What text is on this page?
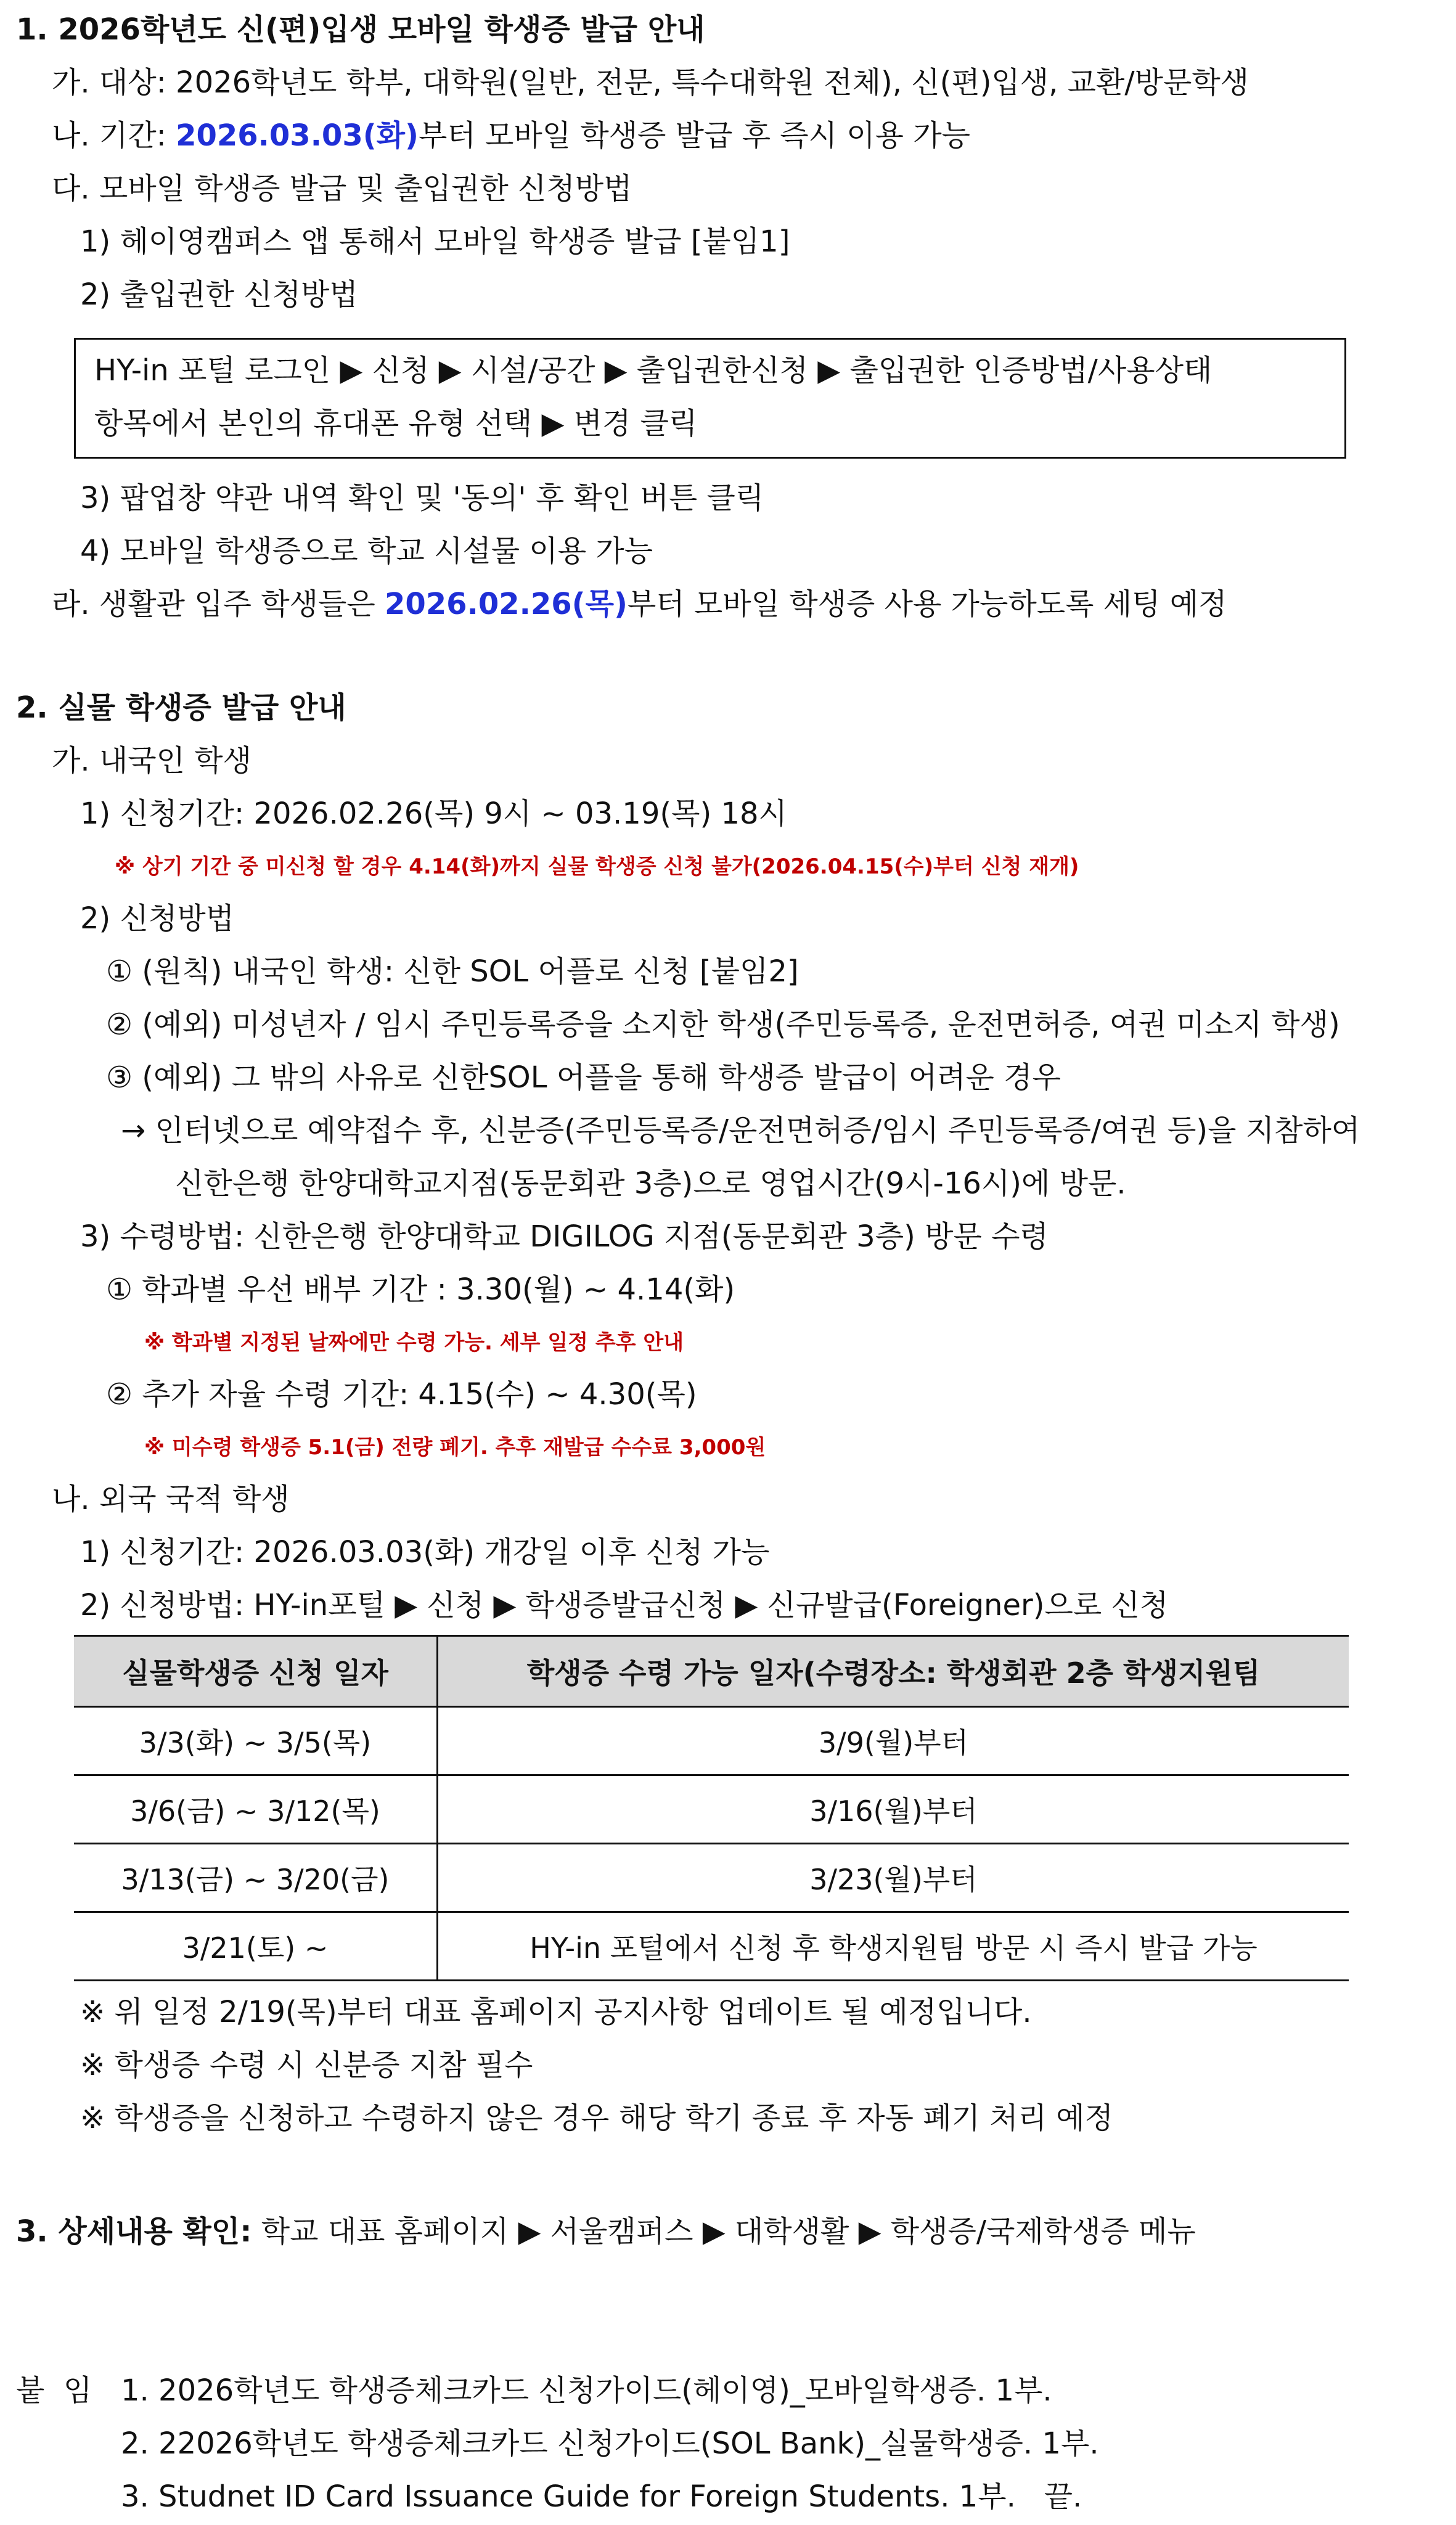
1. 2026학년도 신(편)입생 모바일 학생증 발급 안내
가. 대상: 2026학년도 학부, 대학원(일반, 전문, 특수대학원 전체), 신(편)입생, 교환/방문학생
나. 기간: 2026.03.03(화)부터 모바일 학생증 발급 후 즉시 이용 가능
다. 모바일 학생증 발급 및 출입권한 신청방법
1) 헤이영캠퍼스 앱 통해서 모바일 학생증 발급 [붙임1]
2) 출입권한 신청방법
HY-in 포털 로그인 ▶ 신청 ▶ 시설/공간 ▶ 출입권한신청 ▶ 출입권한 인증방법/사용상태
항목에서 본인의 휴대폰 유형 선택 ▶ 변경 클릭
3) 팝업창 약관 내역 확인 및 '동의' 후 확인 버튼 클릭
4) 모바일 학생증으로 학교 시설물 이용 가능
라. 생활관 입주 학생들은 2026.02.26(목)부터 모바일 학생증 사용 가능하도록 세팅 예정
2. 실물 학생증 발급 안내
가. 내국인 학생
1) 신청기간: 2026.02.26(목) 9시 ~ 03.19(목) 18시
※ 상기 기간 중 미신청 할 경우 4.14(화)까지 실물 학생증 신청 불가(2026.04.15(수)부터 신청 재개)
2) 신청방법
① (원칙) 내국인 학생: 신한 SOL 어플로 신청 [붙임2]
② (예외) 미성년자 / 임시 주민등록증을 소지한 학생(주민등록증, 운전면허증, 여권 미소지 학생)
③ (예외) 그 밖의 사유로 신한SOL 어플을 통해 학생증 발급이 어려운 경우
→ 인터넷으로 예약접수 후, 신분증(주민등록증/운전면허증/임시 주민등록증/여권 등)을 지참하여
신한은행 한양대학교지점(동문회관 3층)으로 영업시간(9시-16시)에 방문.
3) 수령방법: 신한은행 한양대학교 DIGILOG 지점(동문회관 3층) 방문 수령
① 학과별 우선 배부 기간 : 3.30(월) ~ 4.14(화)
※ 학과별 지정된 날짜에만 수령 가능. 세부 일정 추후 안내
② 추가 자율 수령 기간: 4.15(수) ~ 4.30(목)
※ 미수령 학생증 5.1(금) 전량 폐기. 추후 재발급 수수료 3,000원
나. 외국 국적 학생
1) 신청기간: 2026.03.03(화) 개강일 이후 신청 가능
2) 신청방법: HY-in포털 ▶ 신청 ▶ 학생증발급신청 ▶ 신규발급(Foreigner)으로 신청
실물학생증 신청 일자	학생증 수령 가능 일자(수령장소: 학생회관 2층 학생지원팀
3/3(화) ~ 3/5(목)	3/9(월)부터
3/6(금) ~ 3/12(목)	3/16(월)부터
3/13(금) ~ 3/20(금)	3/23(월)부터
3/21(토) ~	HY-in 포털에서 신청 후 학생지원팀 방문 시 즉시 발급 가능
※ 위 일정 2/19(목)부터 대표 홈페이지 공지사항 업데이트 될 예정입니다.
※ 학생증 수령 시 신분증 지참 필수
※ 학생증을 신청하고 수령하지 않은 경우 해당 학기 종료 후 자동 폐기 처리 예정
3. 상세내용 확인: 학교 대표 홈페이지 ▶ 서울캠퍼스 ▶ 대학생활 ▶ 학생증/국제학생증 메뉴
붙  임 1. 2026학년도 학생증체크카드 신청가이드(헤이영)_모바일학생증. 1부.
2. 22026학년도 학생증체크카드 신청가이드(SOL Bank)_실물학생증. 1부.
3. Studnet ID Card Issuance Guide for Foreign Students. 1부.   끝.
